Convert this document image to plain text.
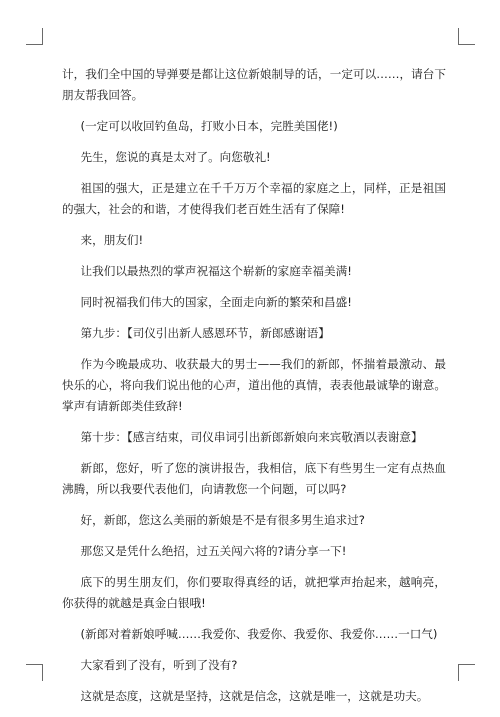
计，我们全中国的导弹要是都让这位新娘制导的话，一定可以……，请台下朋友帮我回答。

(一定可以收回钓鱼岛，打败小日本，完胜美国佬!)

先生，您说的真是太对了。向您敬礼!

祖国的强大，正是建立在千千万万个幸福的家庭之上，同样，正是祖国的强大，社会的和谐，才使得我们老百姓生活有了保障!

来，朋友们!

让我们以最热烈的掌声祝福这个崭新的家庭幸福美满!

同时祝福我们伟大的国家，全面走向新的繁荣和昌盛!

第九步：【司仪引出新人感恩环节，新郎感谢语】

作为今晚最成功、收获最大的男士——我们的新郎，怀揣着最激动、最快乐的心，将向我们说出他的心声，道出他的真情，表表他最诚挚的谢意。掌声有请新郎类佳致辞!

第十步：【感言结束，司仪串词引出新郎新娘向来宾敬酒以表谢意】

新郎，您好，听了您的演讲报告，我相信，底下有些男生一定有点热血沸腾，所以我要代表他们，向请教您一个问题，可以吗?

好，新郎，您这么美丽的新娘是不是有很多男生追求过?

那您又是凭什么绝招，过五关闯六将的?请分享一下!

底下的男生朋友们，你们要取得真经的话，就把掌声抬起来，越响亮，你获得的就越是真金白银哦!

(新郎对着新娘呼喊……我爱你、我爱你、我爱你、我爱你……一口气)

大家看到了没有，听到了没有?

这就是态度，这就是坚持，这就是信念，这就是唯一，这就是功夫。
